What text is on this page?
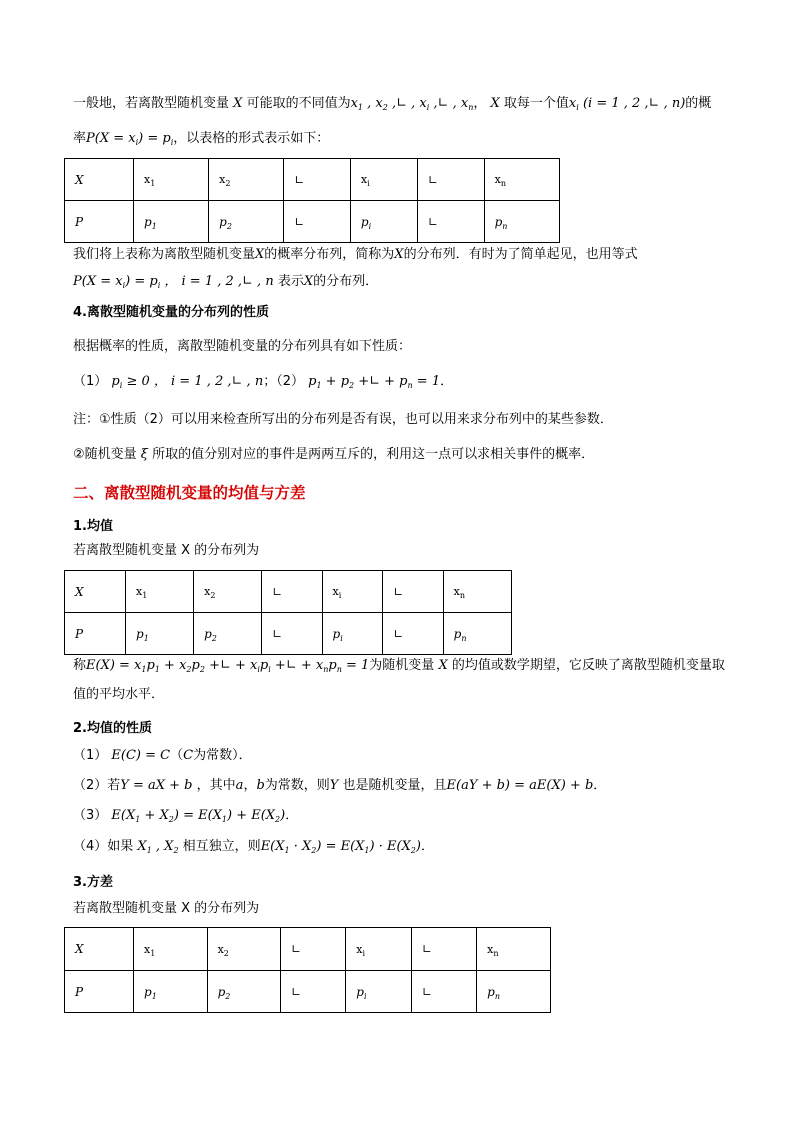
一般地，若离散型随机变量 X 可能取的不同值为$x_1$ , $x_2$ ,∟ , $x_i$ ,∟ , $x_n$， X 取每一个值$x_i$ (i = 1 , 2 ,∟ , n)的概
率$P(X = x_i) = p_i$，以表格的形式表示如下：
X	$x_1$	$x_2$	∟	$x_i$	∟	$x_n$
P	$p_1$	$p_2$	∟	$p_i$	∟	$p_n$
我们将上表称为离散型随机变量X的概率分布列，简称为X的分布列．有时为了简单起见，也用等式
$P(X = x_i) = p_i$ ， i = 1 , 2 ,∟ , n 表示X的分布列．
4.离散型随机变量的分布列的性质
根据概率的性质，离散型随机变量的分布列具有如下性质：
（1） $p_i \ge 0$ ， i = 1 , 2 ,∟ , n；（2） $p_1 + p_2$ +∟ + $p_n = 1$．
注：①性质（2）可以用来检查所写出的分布列是否有误，也可以用来求分布列中的某些参数．
②随机变量 ξ 所取的值分别对应的事件是两两互斥的，利用这一点可以求相关事件的概率．
二、离散型随机变量的均值与方差
1.均值
若离散型随机变量 X 的分布列为
X	$x_1$	$x_2$	∟	$x_i$	∟	$x_n$
P	$p_1$	$p_2$	∟	$p_i$	∟	$p_n$
称$E(X) = x_1p_1 + x_2p_2$ +∟ + $x_ip_i$ +∟ + $x_np_n = 1$为随机变量 X 的均值或数学期望，它反映了离散型随机变量取
值的平均水平．
2.均值的性质
（1） E(C) = C（C为常数）．
（2）若Y = aX + b ，其中a，b为常数，则Y 也是随机变量，且E(aY + b) = aE(X) + b．
（3） $E(X_1 + X_2) = E(X_1) + E(X_2)$．
（4）如果 $X_1$ , $X_2$ 相互独立，则$E(X_1 \cdot X_2) = E(X_1) \cdot E(X_2)$．
3.方差
若离散型随机变量 X 的分布列为
X	$x_1$	$x_2$	∟	$x_i$	∟	$x_n$
P	$p_1$	$p_2$	∟	$p_i$	∟	$p_n$
